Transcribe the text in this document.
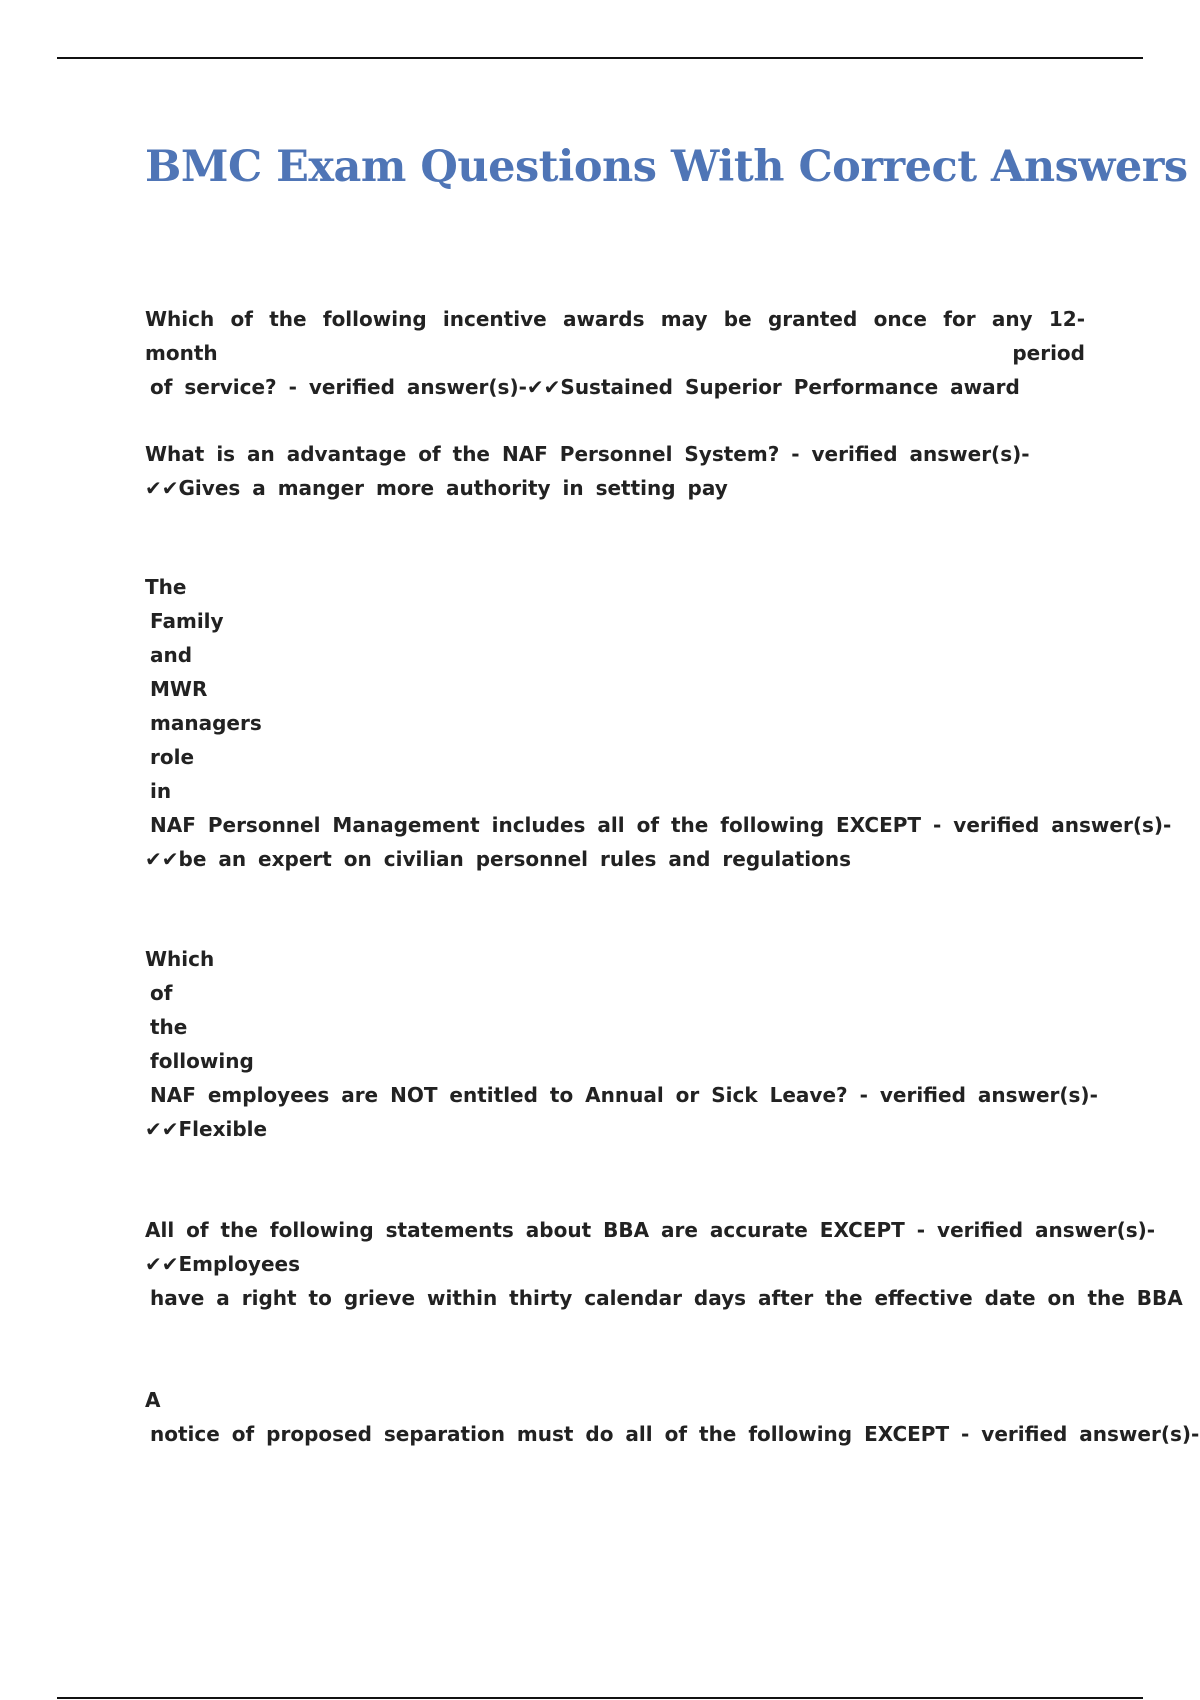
BMC Exam Questions With Correct Answers
Which of the following incentive awards may be granted once for any 12-month period
of service? - verified answer(s)-✔✔Sustained Superior Performance award
What is an advantage of the NAF Personnel System? - verified answer(s)-
✔✔Gives a manger more authority in setting pay
The
Family
and
MWR
managers
role
in
NAF Personnel Management includes all of the following EXCEPT - verified answer(s)-
✔✔be an expert on civilian personnel rules and regulations
Which
of
the
following
NAF employees are NOT entitled to Annual or Sick Leave? - verified answer(s)-
✔✔Flexible
All of the following statements about BBA are accurate EXCEPT - verified answer(s)-
✔✔Employees
have a right to grieve within thirty calendar days after the effective date on the BBA
A
notice of proposed separation must do all of the following EXCEPT - verified answer(s)-
